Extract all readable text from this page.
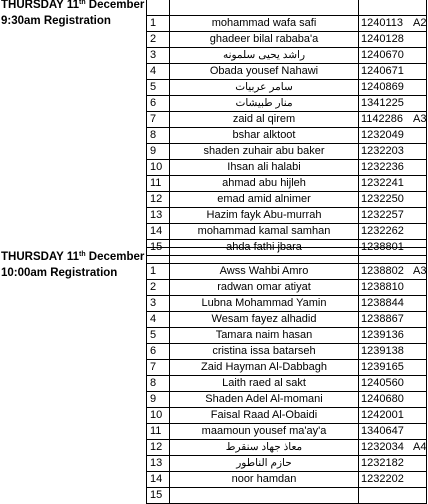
THURSDAY 11th December
9:30am Registration
				1	mohammad wafa safi	1240113	A2
2	ghadeer bilal rababa'a	1240128	
3	راشد يحيى سلمونه	1240670	
4	Obada yousef Nahawi	1240671	
5	سامر عربيات	1240869	
6	منار طبيشات	1341225	
7	zaid al qirem	1142286	A3
8	bshar alktoot	1232049	
9	shaden zuhair abu baker	1232203	
10	Ihsan ali halabi	1232236	
11	ahmad abu hijleh	1232241	
12	emad amid alnimer	1232250	
13	Hazim fayk Abu-murrah	1232257	
14	mohammad kamal samhan	1232262	
15	ahda fathi jbara	1238801	
THURSDAY 11th December
10:00am Registration
				1	Awss Wahbi Amro	1238802	A3
2	radwan omar atiyat	1238810	
3	Lubna Mohammad Yamin	1238844	
4	Wesam fayez alhadid	1238867	
5	Tamara naim hasan	1239136	
6	cristina issa batarseh	1239138	
7	Zaid Hayman Al-Dabbagh	1239165	
8	Laith raed al sakt	1240560	
9	Shaden Adel Al-momani	1240680	
10	Faisal Raad Al-Obaidi	1242001	
11	maamoun yousef ma'ay'a	1340647	
12	معاذ جهاد سنقرط	1232034	A4
13	حازم الناطور	1232182	
14	noor hamdan	1232202	
15			
